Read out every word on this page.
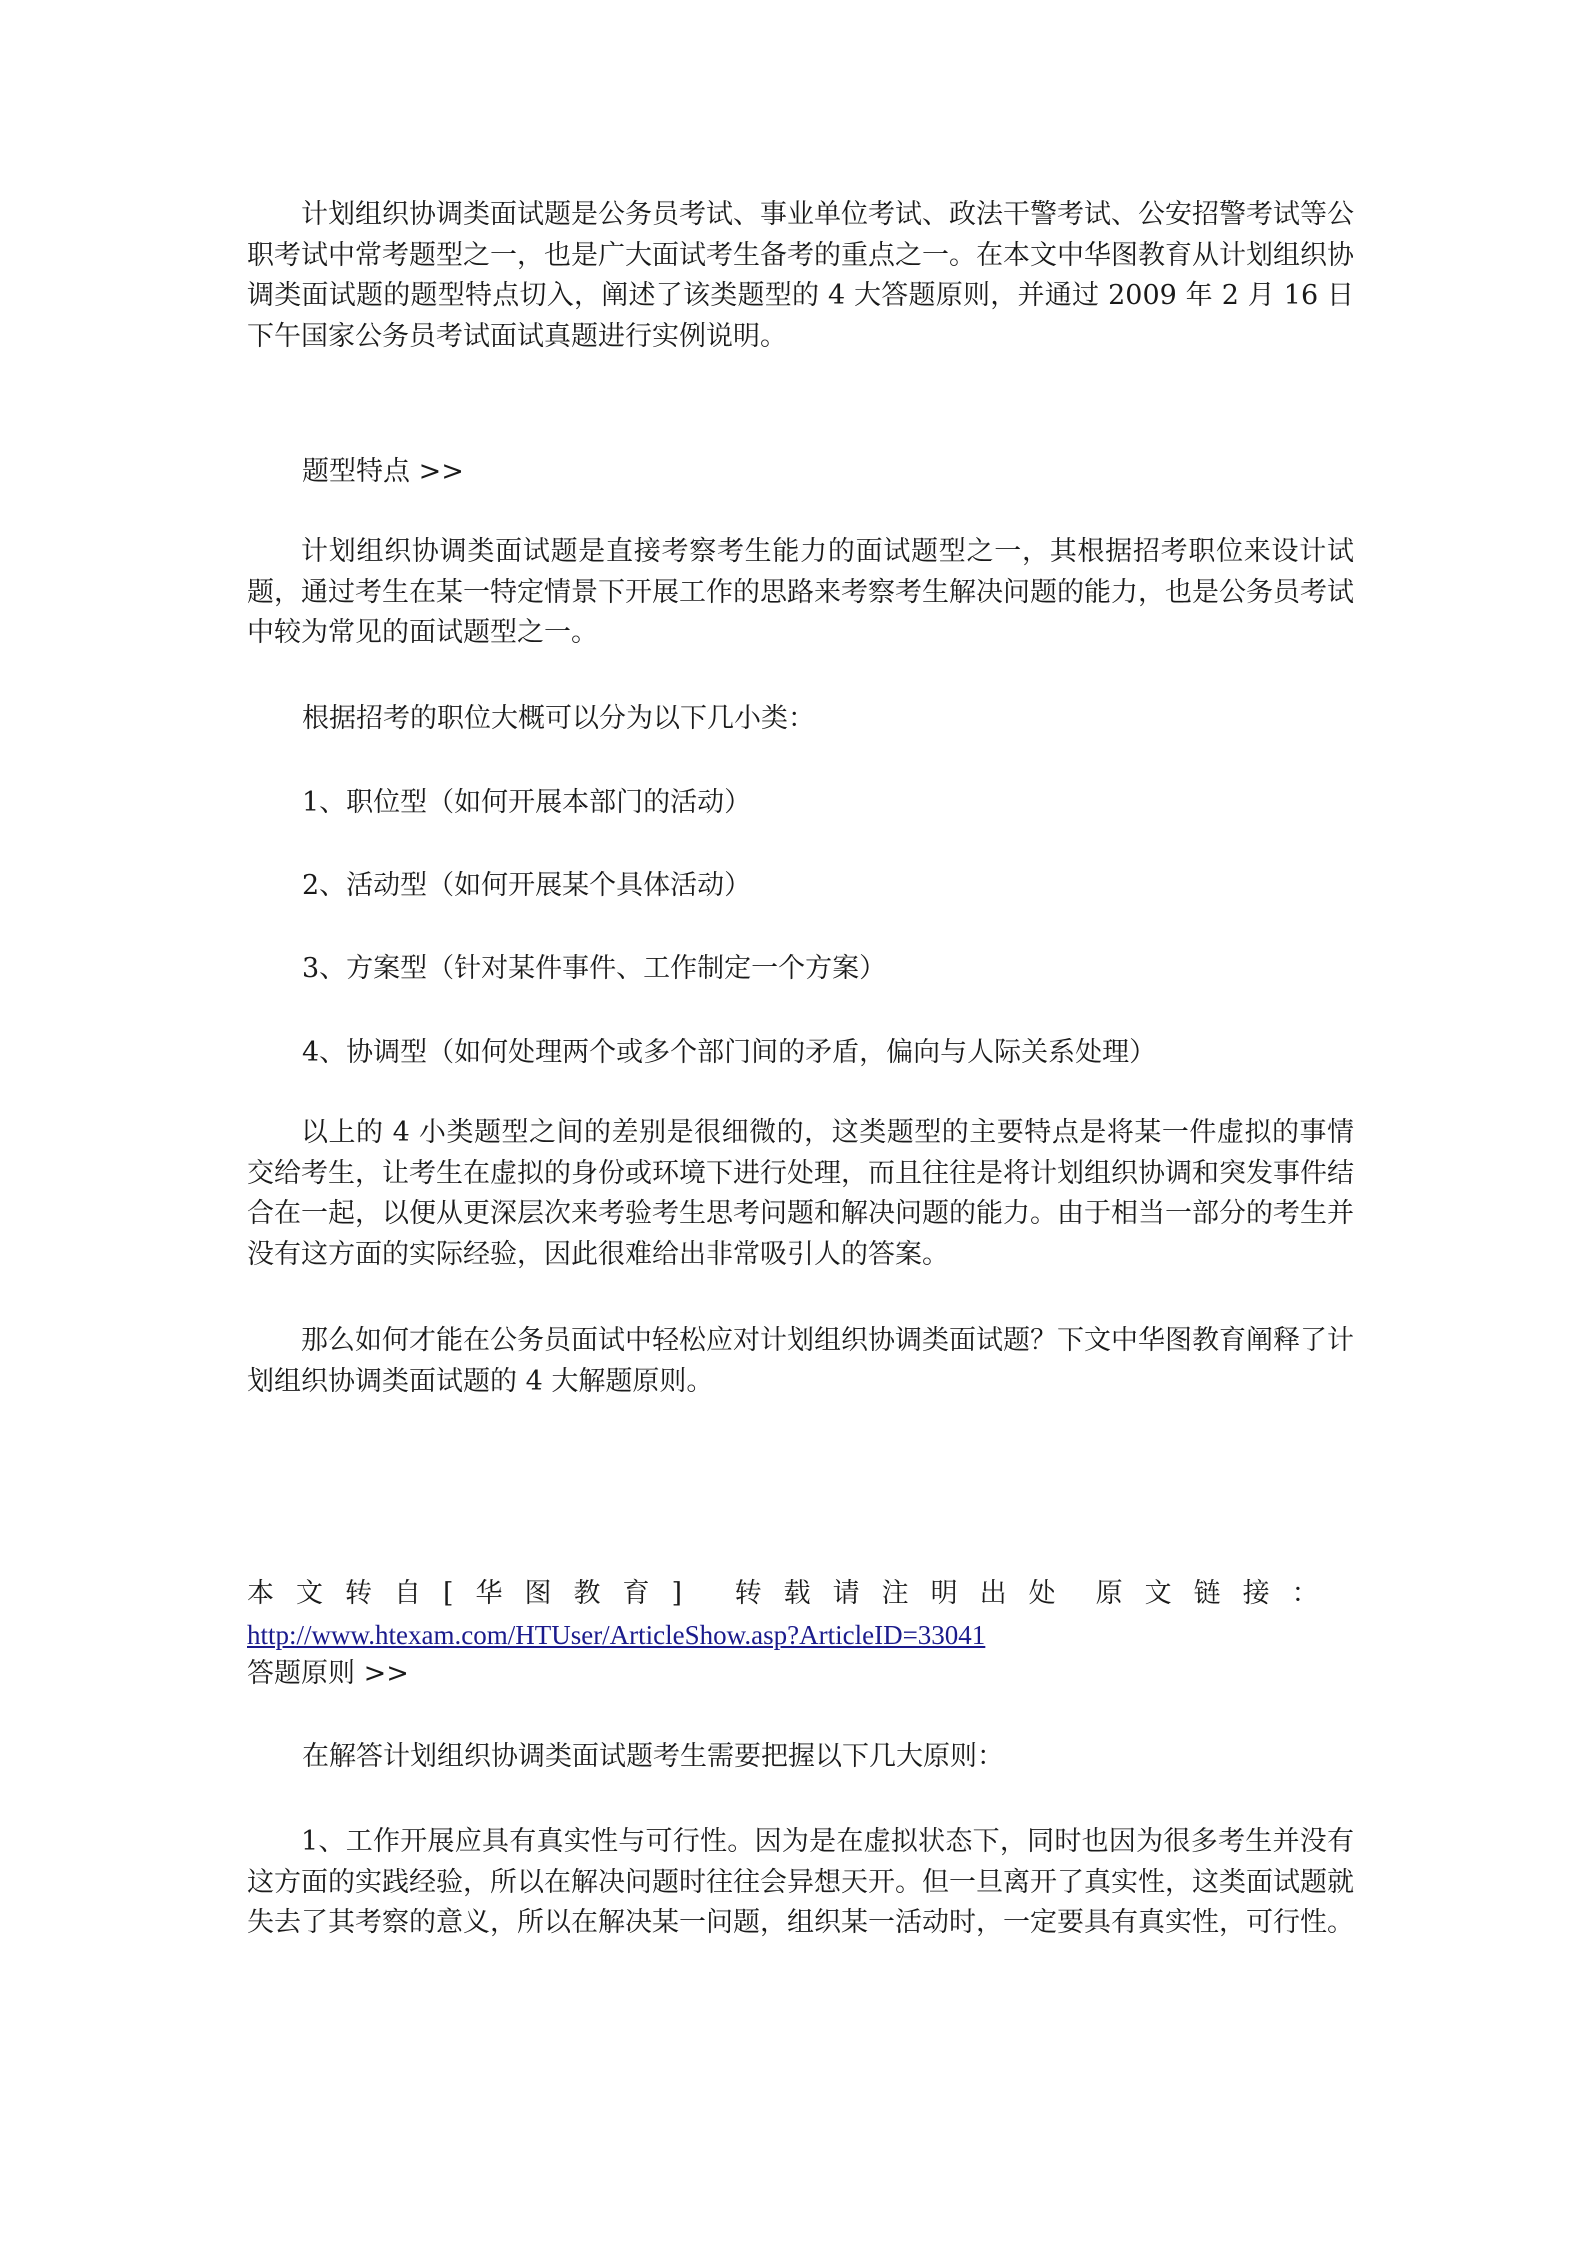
计划组织协调类面试题是公务员考试、事业单位考试、政法干警考试、公安招警考试等公职考试中常考题型之一，也是广大面试考生备考的重点之一。在本文中华图教育从计划组织协调类面试题的题型特点切入，阐述了该类题型的 4 大答题原则，并通过 2009 年 2 月 16 日下午国家公务员考试面试真题进行实例说明。

题型特点 >>

计划组织协调类面试题是直接考察考生能力的面试题型之一，其根据招考职位来设计试题，通过考生在某一特定情景下开展工作的思路来考察考生解决问题的能力，也是公务员考试中较为常见的面试题型之一。

根据招考的职位大概可以分为以下几小类：

1、职位型（如何开展本部门的活动）

2、活动型（如何开展某个具体活动）

3、方案型（针对某件事件、工作制定一个方案）

4、协调型（如何处理两个或多个部门间的矛盾，偏向与人际关系处理）

以上的 4 小类题型之间的差别是很细微的，这类题型的主要特点是将某一件虚拟的事情交给考生，让考生在虚拟的身份或环境下进行处理，而且往往是将计划组织协调和突发事件结合在一起，以便从更深层次来考验考生思考问题和解决问题的能力。由于相当一部分的考生并没有这方面的实际经验，因此很难给出非常吸引人的答案。

那么如何才能在公务员面试中轻松应对计划组织协调类面试题？下文中华图教育阐释了计划组织协调类面试题的 4 大解题原则。

本文转自[华图教育] 转载请注明出处 原文链接：

http://www.htexam.com/HTUser/ArticleShow.asp?ArticleID=33041

答题原则 >>

在解答计划组织协调类面试题考生需要把握以下几大原则：

1、工作开展应具有真实性与可行性。因为是在虚拟状态下，同时也因为很多考生并没有这方面的实践经验，所以在解决问题时往往会异想天开。但一旦离开了真实性，这类面试题就失去了其考察的意义，所以在解决某一问题，组织某一活动时，一定要具有真实性，可行性。
